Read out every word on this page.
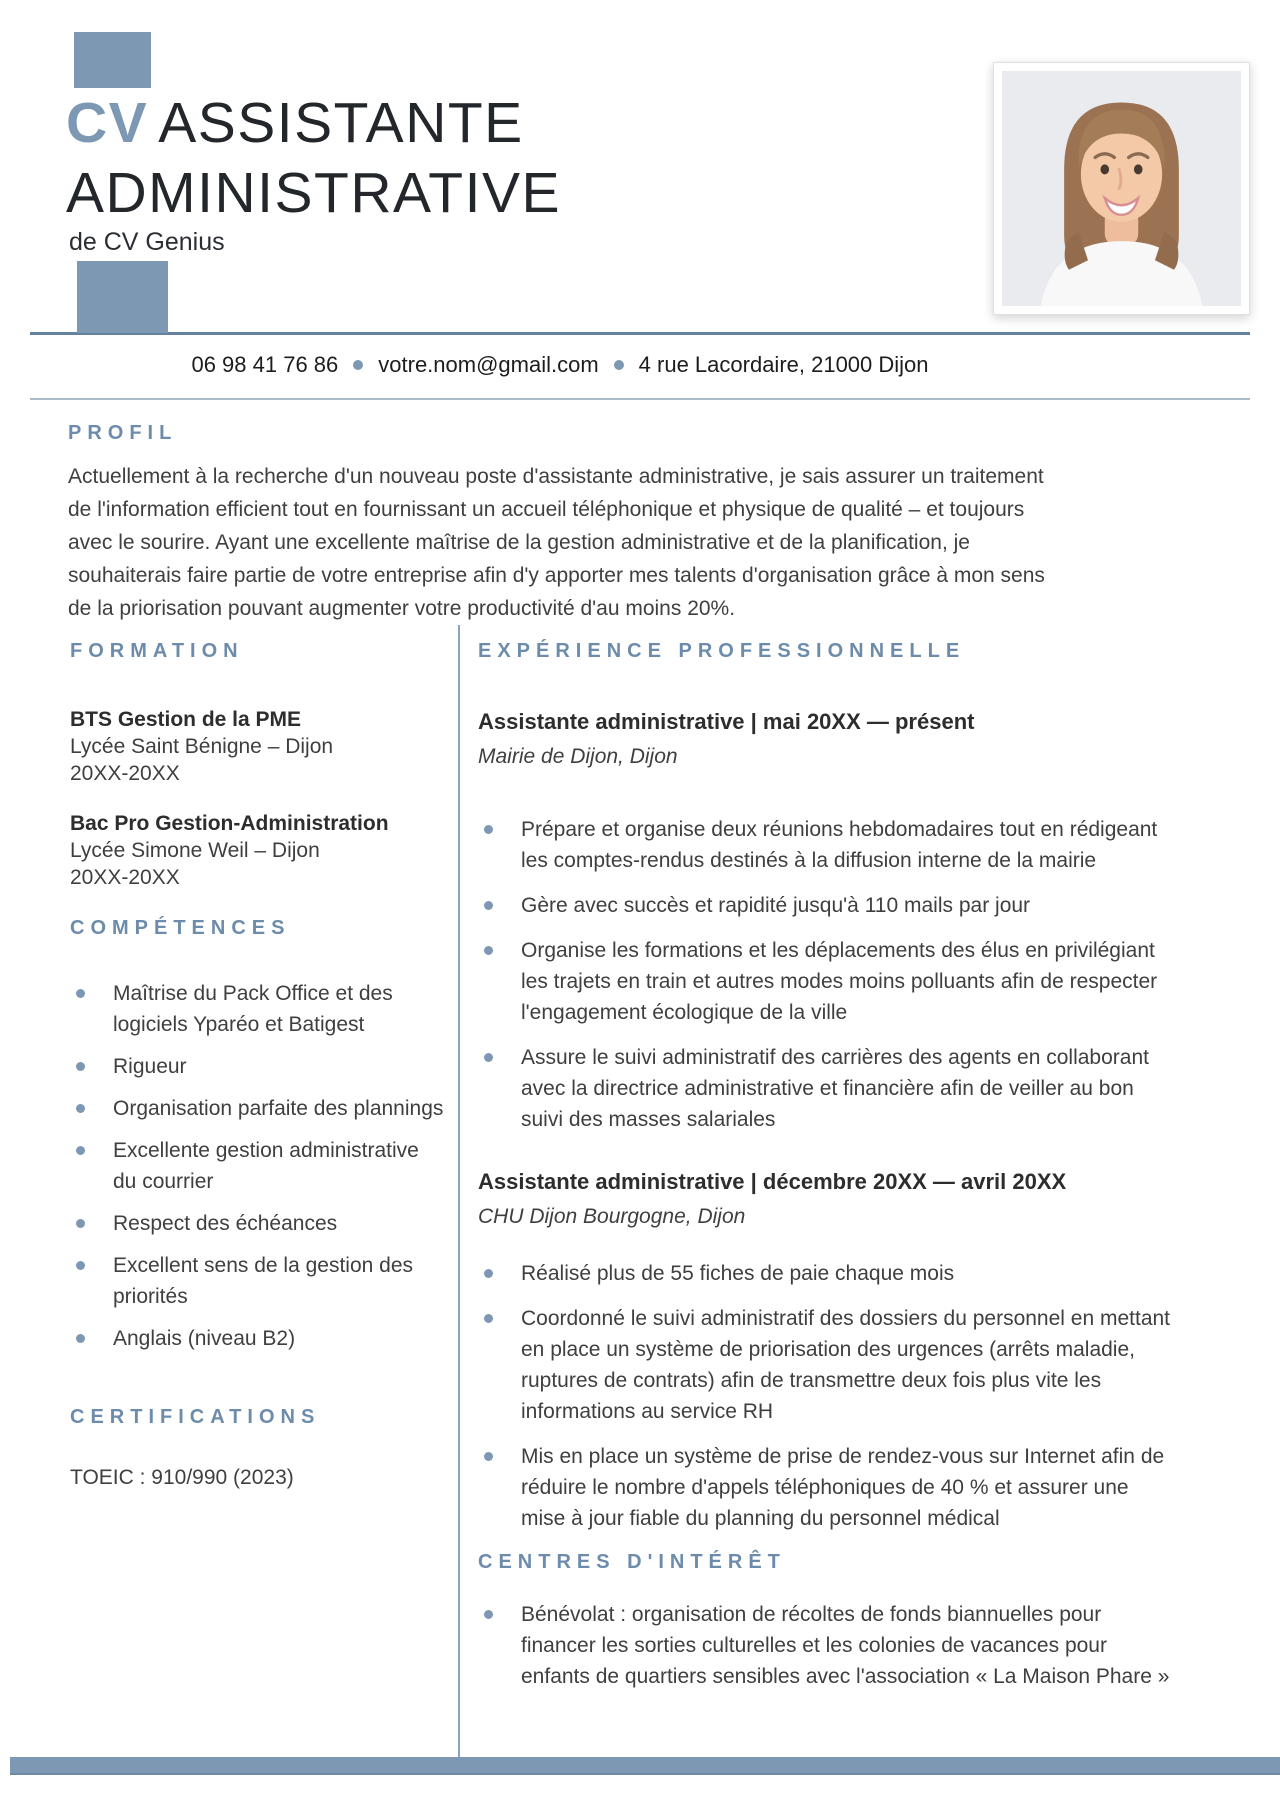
CV ASSISTANTE
ADMINISTRATIVE
de CV Genius
06 98 41 76 86 votre.nom@gmail.com 4 rue Lacordaire, 21000 Dijon
PROFIL

Actuellement à la recherche d'un nouveau poste d'assistante administrative, je sais assurer un traitement de l'information efficient tout en fournissant un accueil téléphonique et physique de qualité – et toujours avec le sourire. Ayant une excellente maîtrise de la gestion administrative et de la planification, je souhaiterais faire partie de votre entreprise afin d'y apporter mes talents d'organisation grâce à mon sens de la priorisation pouvant augmenter votre productivité d'au moins 20%.

FORMATION
BTS Gestion de la PME
Lycée Saint Bénigne – Dijon
20XX-20XX
Bac Pro Gestion-Administration
Lycée Simone Weil – Dijon
20XX-20XX
COMPÉTENCES
Maîtrise du Pack Office et des logiciels Yparéo et Batigest
Rigueur
Organisation parfaite des plannings
Excellente gestion administrative du courrier
Respect des échéances
Excellent sens de la gestion des priorités
Anglais (niveau B2)
CERTIFICATIONS

TOEIC : 910/990 (2023)

EXPÉRIENCE PROFESSIONNELLE
Assistante administrative | mai 20XX — présent

Mairie de Dijon, Dijon

Prépare et organise deux réunions hebdomadaires tout en rédigeant les comptes-rendus destinés à la diffusion interne de la mairie
Gère avec succès et rapidité jusqu'à 110 mails par jour
Organise les formations et les déplacements des élus en privilégiant les trajets en train et autres modes moins polluants afin de respecter l'engagement écologique de la ville
Assure le suivi administratif des carrières des agents en collaborant avec la directrice administrative et financière afin de veiller au bon suivi des masses salariales
Assistante administrative | décembre 20XX — avril 20XX

CHU Dijon Bourgogne, Dijon

Réalisé plus de 55 fiches de paie chaque mois
Coordonné le suivi administratif des dossiers du personnel en mettant en place un système de priorisation des urgences (arrêts maladie, ruptures de contrats) afin de transmettre deux fois plus vite les informations au service RH
Mis en place un système de prise de rendez-vous sur Internet afin de réduire le nombre d'appels téléphoniques de 40 % et assurer une mise à jour fiable du planning du personnel médical
CENTRES D'INTÉRÊT
Bénévolat : organisation de récoltes de fonds biannuelles pour financer les sorties culturelles et les colonies de vacances pour enfants de quartiers sensibles avec l'association « La Maison Phare »
